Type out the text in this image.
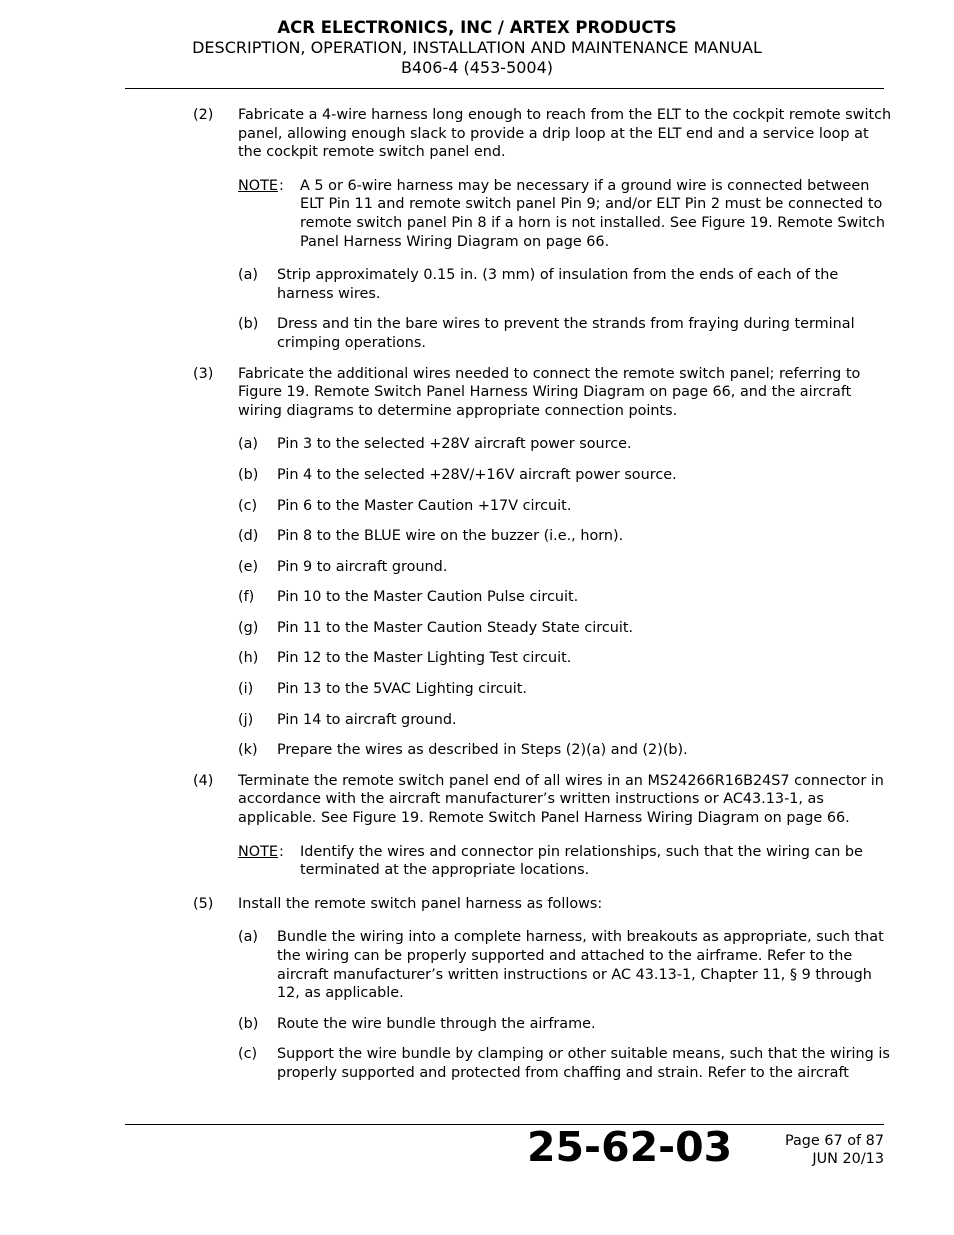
ACR ELECTRONICS, INC / ARTEX PRODUCTS
DESCRIPTION, OPERATION, INSTALLATION AND MAINTENANCE MANUAL
B406-4 (453-5004)
(2) Fabricate a 4-wire harness long enough to reach from the ELT to the cockpit remote switch panel, allowing enough slack to provide a drip loop at the ELT end and a service loop at the cockpit remote switch panel end.
NOTE : A 5 or 6-wire harness may be necessary if a ground wire is connected between ELT Pin 11 and remote switch panel Pin 9; and/or ELT Pin 2 must be connected to remote switch panel Pin 8 if a horn is not installed. See Figure 19. Remote Switch Panel Harness Wiring Diagram on page 66.
(a) Strip approximately 0.15 in. (3 mm) of insulation from the ends of each of the harness wires.
(b) Dress and tin the bare wires to prevent the strands from fraying during terminal crimping operations.
(3) Fabricate the additional wires needed to connect the remote switch panel; referring to Figure 19. Remote Switch Panel Harness Wiring Diagram on page 66, and the aircraft wiring diagrams to determine appropriate connection points.
(a) Pin 3 to the selected +28V aircraft power source.
(b) Pin 4 to the selected +28V/+16V aircraft power source.
(c) Pin 6 to the Master Caution +17V circuit.
(d) Pin 8 to the BLUE wire on the buzzer (i.e., horn).
(e) Pin 9 to aircraft ground.
(f) Pin 10 to the Master Caution Pulse circuit.
(g) Pin 11 to the Master Caution Steady State circuit.
(h) Pin 12 to the Master Lighting Test circuit.
(i) Pin 13 to the 5VAC Lighting circuit.
(j) Pin 14 to aircraft ground.
(k) Prepare the wires as described in Steps (2)(a) and (2)(b).
(4) Terminate the remote switch panel end of all wires in an MS24266R16B24S7 connector in accordance with the aircraft manufacturer’s written instructions or AC43.13-1, as applicable. See Figure 19. Remote Switch Panel Harness Wiring Diagram on page 66.
NOTE : Identify the wires and connector pin relationships, such that the wiring can be terminated at the appropriate locations.
(5) Install the remote switch panel harness as follows:
(a) Bundle the wiring into a complete harness, with breakouts as appropriate, such that the wiring can be properly supported and attached to the airframe. Refer to the aircraft manufacturer’s written instructions or AC 43.13-1, Chapter 11, § 9 through 12, as applicable.
(b) Route the wire bundle through the airframe.
(c) Support the wire bundle by clamping or other suitable means, such that the wiring is properly supported and protected from chaffing and strain. Refer to the aircraft
25-62-03	Page 67 of 87
JUN 20/13
